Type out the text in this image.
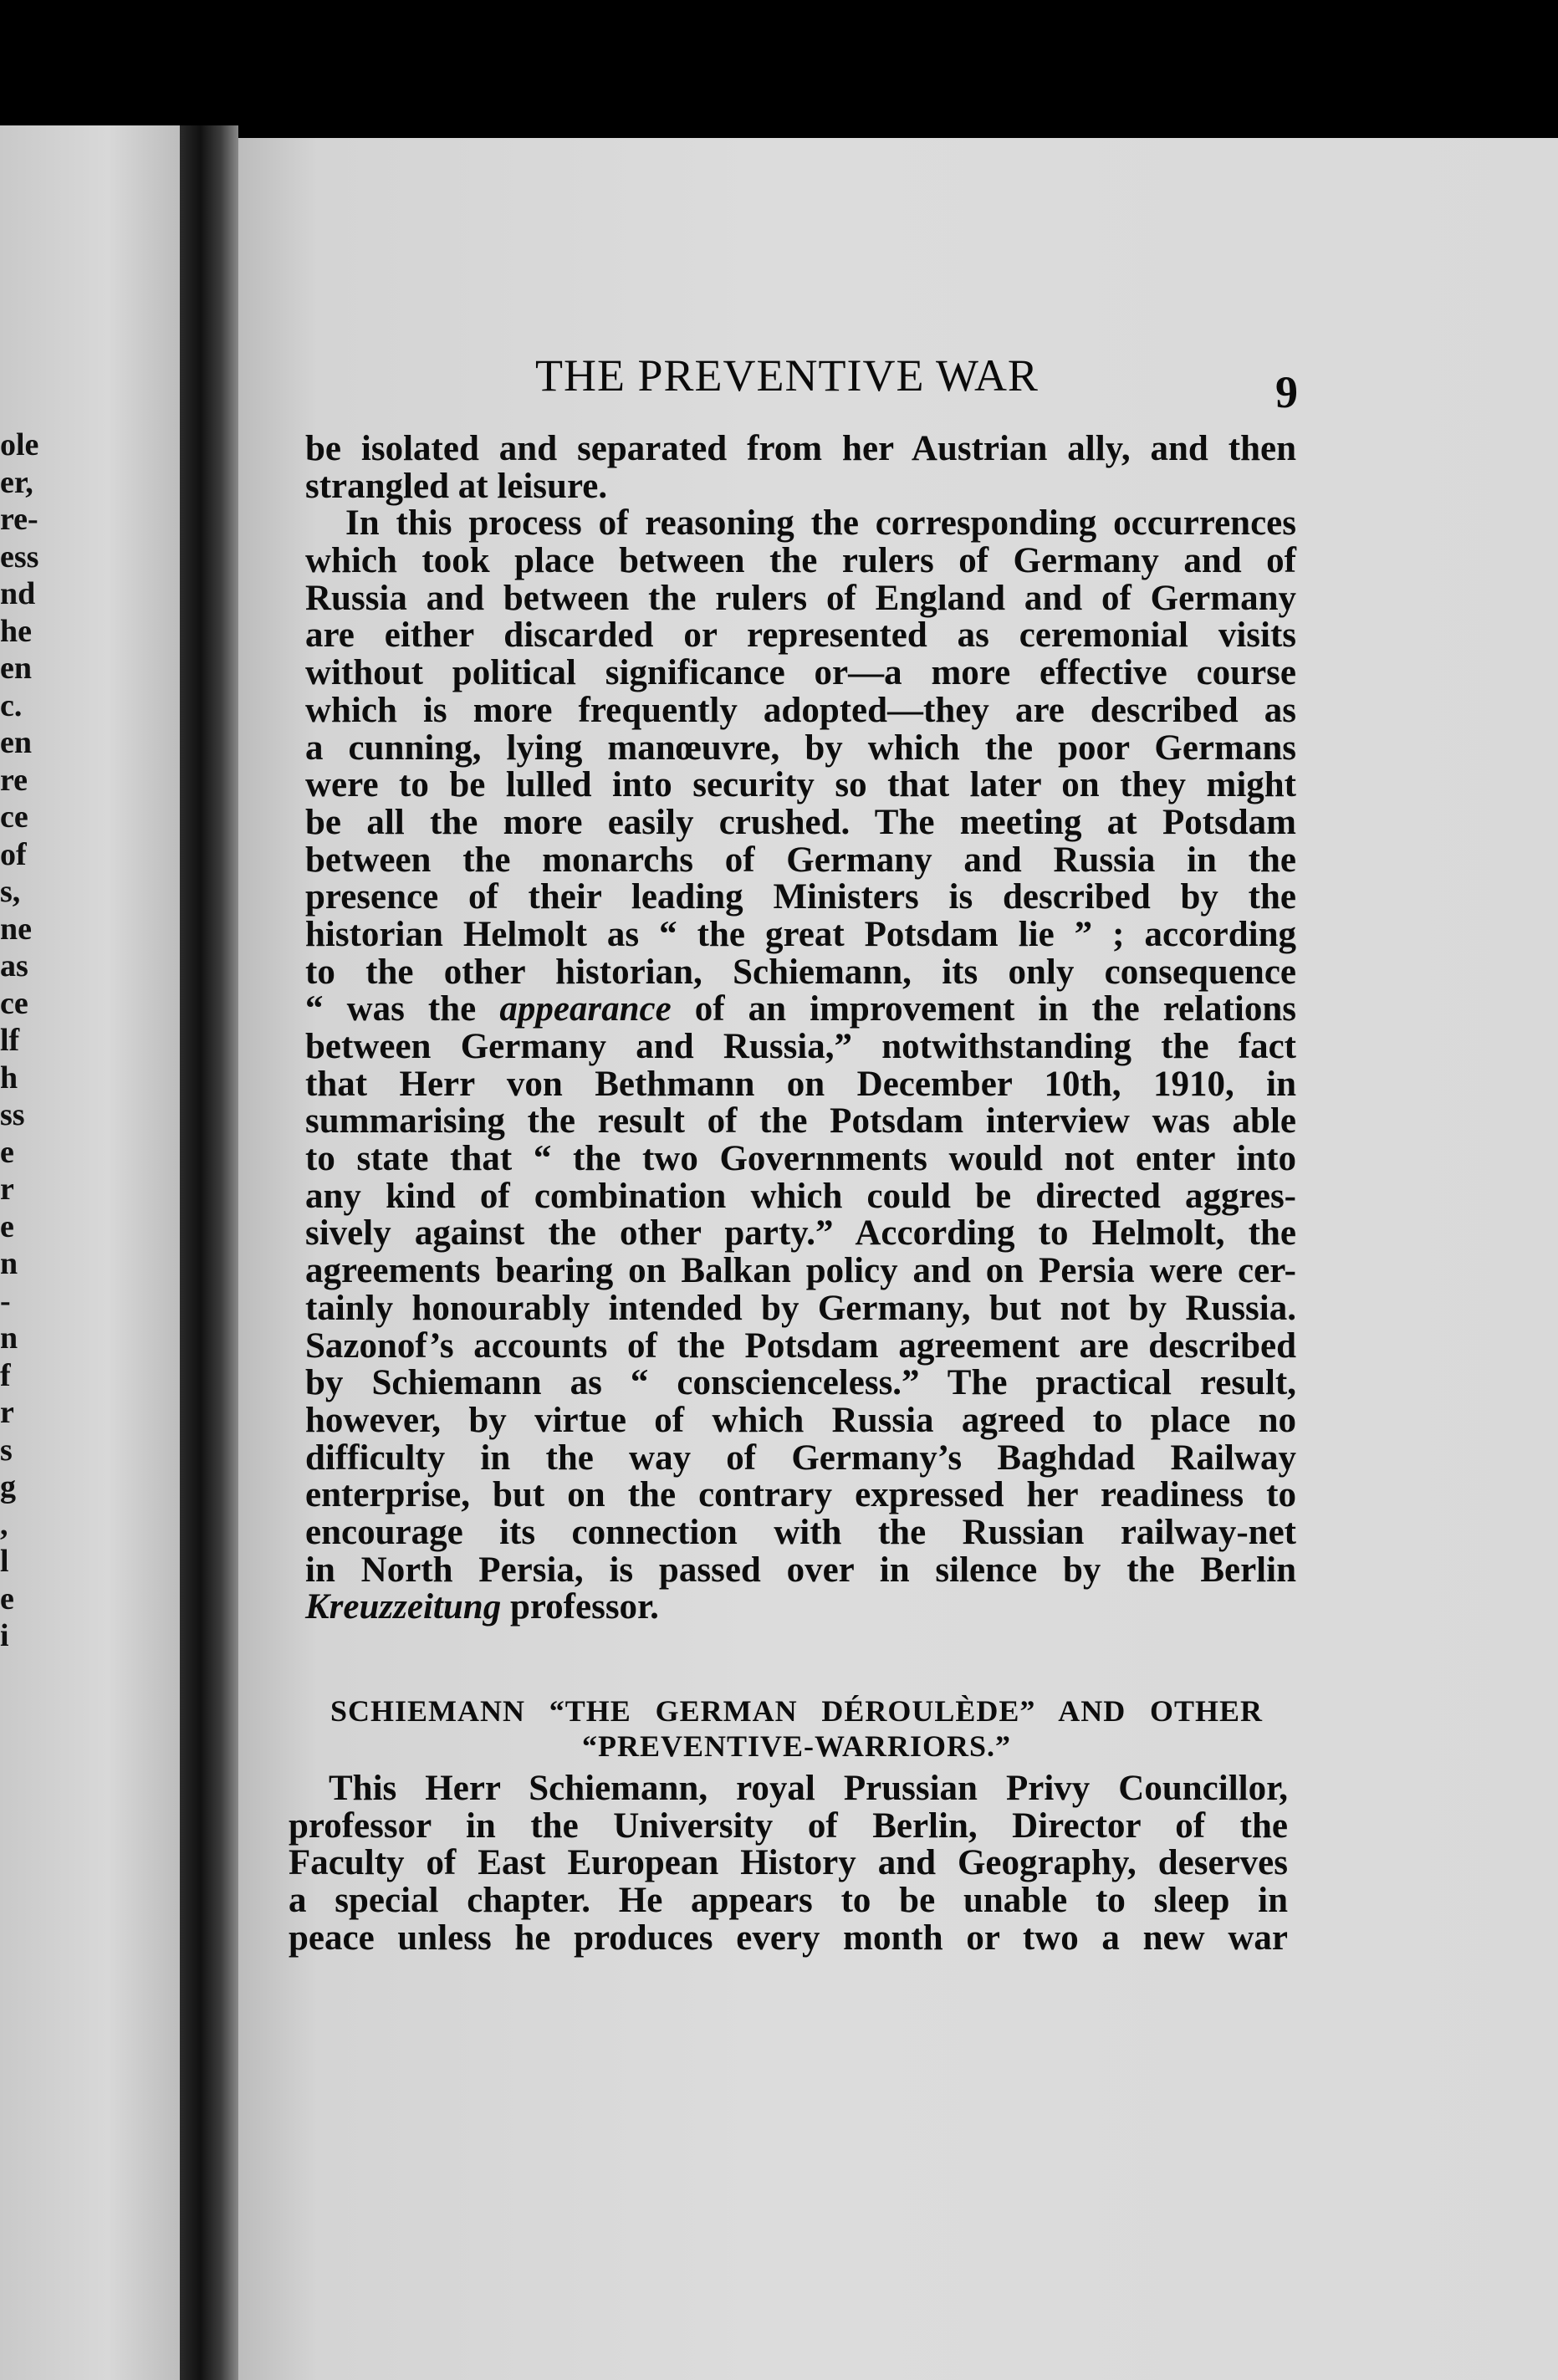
ole
er,
re-
ess
nd
he
en
c.
en
re
ce
of
s,
ne
as
ce
lf
h
ss
e
r
e
n
-
n
f
r
s
g
,
l
e
i
THE PREVENTIVE WAR	9
be isolated and separated from her Austrian ally, and then
strangled at leisure.
In this process of reasoning the corresponding occurrences
which took place between the rulers of Germany and of
Russia and between the rulers of England and of Germany
are either discarded or represented as ceremonial visits
without political significance or—a more effective course
which is more frequently adopted—they are described as
a cunning, lying manœuvre, by which the poor Germans
were to be lulled into security so that later on they might
be all the more easily crushed. The meeting at Potsdam
between the monarchs of Germany and Russia in the
presence of their leading Ministers is described by the
historian Helmolt as “ the great Potsdam lie ” ; according
to the other historian, Schiemann, its only consequence
“ was the appearance of an improvement in the relations
between Germany and Russia,” notwithstanding the fact
that Herr von Bethmann on December 10th, 1910, in
summarising the result of the Potsdam interview was able
to state that “ the two Governments would not enter into
any kind of combination which could be directed aggres-
sively against the other party.” According to Helmolt, the
agreements bearing on Balkan policy and on Persia were cer-
tainly honourably intended by Germany, but not by Russia.
Sazonof’s accounts of the Potsdam agreement are described
by Schiemann as “ conscienceless.” The practical result,
however, by virtue of which Russia agreed to place no
difficulty in the way of Germany’s Baghdad Railway
enterprise, but on the contrary expressed her readiness to
encourage its connection with the Russian railway-net
in North Persia, is passed over in silence by the Berlin
Kreuzzeitung professor.
SCHIEMANN “THE GERMAN DÉROULÈDE” AND OTHER
“PREVENTIVE-WARRIORS.”
This Herr Schiemann, royal Prussian Privy Councillor,
professor in the University of Berlin, Director of the
Faculty of East European History and Geography, deserves
a special chapter. He appears to be unable to sleep in
peace unless he produces every month or two a new war
